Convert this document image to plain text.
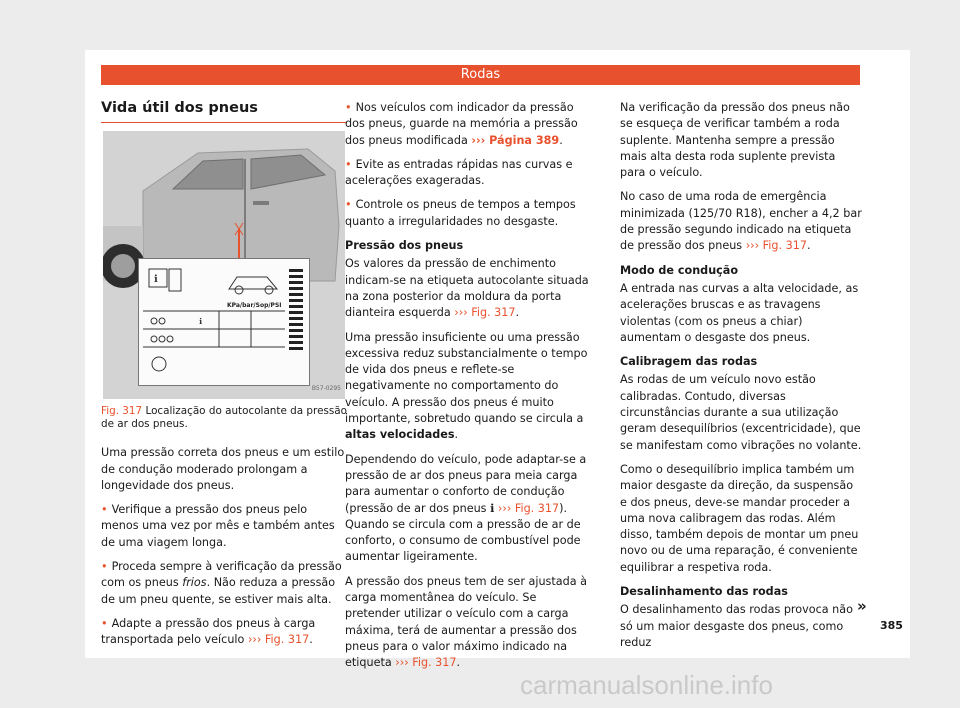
Rodas
Vida útil dos pneus
ℹ
KPa/bar/Sop/PSI
ℹ
B57-0295
Fig. 317 Localização do autocolante da pressão de ar dos pneus.

Uma pressão correta dos pneus e um estilo de condução moderado prolongam a longevidade dos pneus.

• Verifique a pressão dos pneus pelo menos uma vez por mês e também antes de uma viagem longa.

• Proceda sempre à verificação da pressão com os pneus frios. Não reduza a pressão de um pneu quente, se estiver mais alta.

• Adapte a pressão dos pneus à carga transportada pelo veículo ››› Fig. 317.

• Nos veículos com indicador da pressão dos pneus, guarde na memória a pressão dos pneus modificada ››› Página 389.

• Evite as entradas rápidas nas curvas e acelerações exageradas.

• Controle os pneus de tempos a tempos quanto a irregularidades no desgaste.

Pressão dos pneus

Os valores da pressão de enchimento indicam-se na etiqueta autocolante situada na zona posterior da moldura da porta dianteira esquerda ››› Fig. 317.

Uma pressão insuficiente ou uma pressão excessiva reduz substancialmente o tempo de vida dos pneus e reflete-se negativamente no comportamento do veículo. A pressão dos pneus é muito importante, sobretudo quando se circula a altas velocidades.

Dependendo do veículo, pode adaptar-se a pressão de ar dos pneus para meia carga para aumentar o conforto de condução (pressão de ar dos pneus ℹ ››› Fig. 317). Quando se circula com a pressão de ar de conforto, o consumo de combustível pode aumentar ligeiramente.

A pressão dos pneus tem de ser ajustada à carga momentânea do veículo. Se pretender utilizar o veículo com a carga máxima, terá de aumentar a pressão dos pneus para o valor máximo indicado na etiqueta ››› Fig. 317.

Na verificação da pressão dos pneus não se esqueça de verificar também a roda suplente. Mantenha sempre a pressão mais alta desta roda suplente prevista para o veículo.

No caso de uma roda de emergência minimizada (125/70 R18), encher a 4,2 bar de pressão segundo indicado na etiqueta de pressão dos pneus ››› Fig. 317.

Modo de condução

A entrada nas curvas a alta velocidade, as acelerações bruscas e as travagens violentas (com os pneus a chiar) aumentam o desgaste dos pneus.

Calibragem das rodas

As rodas de um veículo novo estão calibradas. Contudo, diversas circunstâncias durante a sua utilização geram desequilíbrios (excentricidade), que se manifestam como vibrações no volante.

Como o desequilíbrio implica também um maior desgaste da direção, da suspensão e dos pneus, deve-se mandar proceder a uma nova calibragem das rodas. Além disso, também depois de montar um pneu novo ou de uma reparação, é conveniente equilibrar a respetiva roda.

Desalinhamento das rodas

O desalinhamento das rodas provoca não só um maior desgaste dos pneus, como reduz

»
385
carmanualsonline.info
